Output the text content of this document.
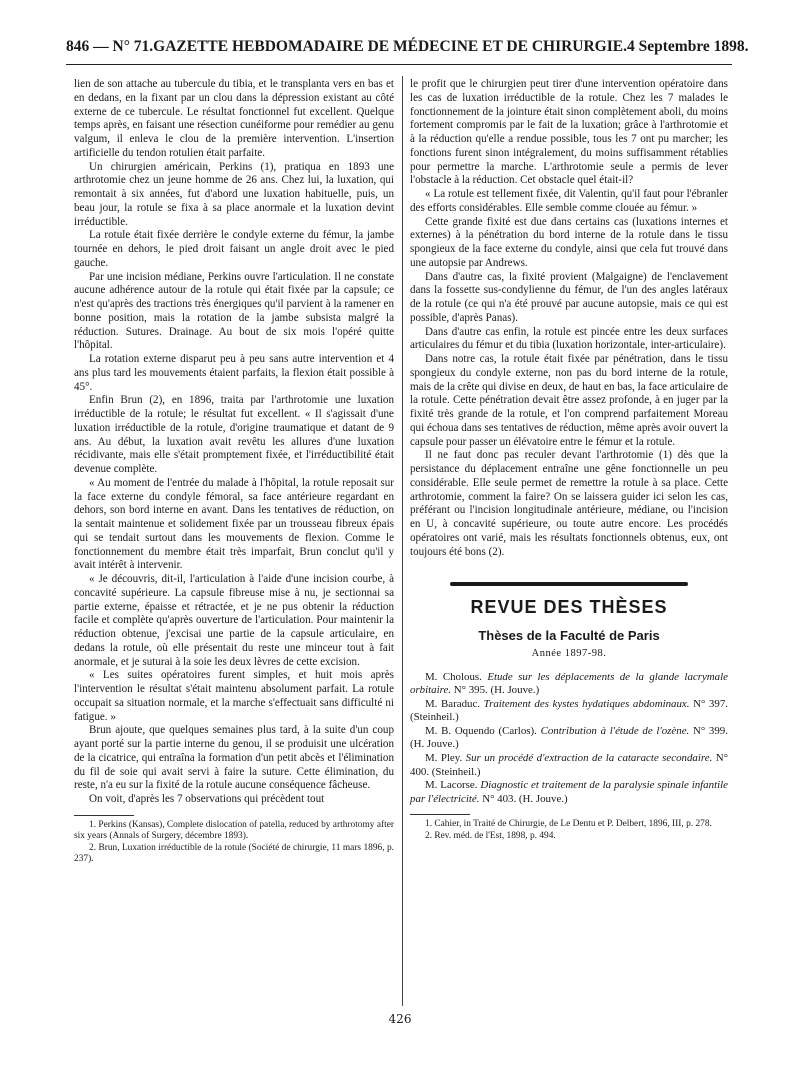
846 — N° 71. GAZETTE HEBDOMADAIRE DE MÉDECINE ET DE CHIRURGIE. 4 Septembre 1898.

lien de son attache au tubercule du tibia, et le transplanta vers en bas et en dedans, en la fixant par un clou dans la dépression existant au côté externe de ce tubercule. Le résultat fonctionnel fut excellent. Quelque temps après, en faisant une résection cunéiforme pour remédier au genu valgum, il enleva le clou de la première intervention. L'insertion artificielle du tendon rotulien était parfaite.

Un chirurgien américain, Perkins (1), pratiqua en 1893 une arthrotomie chez un jeune homme de 26 ans. Chez lui, la luxation, qui remontait à six années, fut d'abord une luxation habituelle, puis, un beau jour, la rotule se fixa à sa place anormale et la luxation devint irréductible.

La rotule était fixée derrière le condyle externe du fémur, la jambe tournée en dehors, le pied droit faisant un angle droit avec le pied gauche.

Par une incision médiane, Perkins ouvre l'articulation. Il ne constate aucune adhérence autour de la rotule qui était fixée par la capsule; ce n'est qu'après des tractions très énergiques qu'il parvient à la ramener en bonne position, mais la rotation de la jambe subsista malgré la réduction. Sutures. Drainage. Au bout de six mois l'opéré quitte l'hôpital.

La rotation externe disparut peu à peu sans autre intervention et 4 ans plus tard les mouvements étaient parfaits, la flexion était possible à 45°.

Enfin Brun (2), en 1896, traita par l'arthrotomie une luxation irréductible de la rotule; le résultat fut excellent. « Il s'agissait d'une luxation irréductible de la rotule, d'origine traumatique et datant de 9 ans. Au début, la luxation avait revêtu les allures d'une luxation récidivante, mais elle s'était promptement fixée, et l'irréductibilité était devenue complète.

« Au moment de l'entrée du malade à l'hôpital, la rotule reposait sur la face externe du condyle fémoral, sa face antérieure regardant en dehors, son bord interne en avant. Dans les tentatives de réduction, on la sentait maintenue et solidement fixée par un trousseau fibreux épais qui se tendait surtout dans les mouvements de flexion. Comme le fonctionnement du membre était très imparfait, Brun conclut qu'il y avait intérêt à intervenir.

« Je découvris, dit-il, l'articulation à l'aide d'une incision courbe, à concavité supérieure. La capsule fibreuse mise à nu, je sectionnai sa partie externe, épaisse et rétractée, et je ne pus obtenir la réduction facile et complète qu'après ouverture de l'articulation. Pour maintenir la réduction obtenue, j'excisai une partie de la capsule articulaire, en dedans la rotule, où elle présentait du reste une minceur tout à fait anormale, et je suturai à la soie les deux lèvres de cette excision.

« Les suites opératoires furent simples, et huit mois après l'intervention le résultat s'était maintenu absolument parfait. La rotule occupait sa situation normale, et la marche s'effectuait sans difficulté ni fatigue. »

Brun ajoute, que quelques semaines plus tard, à la suite d'un coup ayant porté sur la partie interne du genou, il se produisit une ulcération de la cicatrice, qui entraîna la formation d'un petit abcès et l'élimination du fil de soie qui avait servi à faire la suture. Cette élimination, du reste, n'a eu sur la fixité de la rotule aucune conséquence fâcheuse.

On voit, d'après les 7 observations qui précèdent tout

1. Perkins (Kansas), Complete dislocation of patella, reduced by arthrotomy after six years (Annals of Surgery, décembre 1893).

2. Brun, Luxation irréductible de la rotule (Société de chirurgie, 11 mars 1896, p. 237).

le profit que le chirurgien peut tirer d'une intervention opératoire dans les cas de luxation irréductible de la rotule. Chez les 7 malades le fonctionnement de la jointure était sinon complètement aboli, du moins fortement compromis par le fait de la luxation; grâce à l'arthrotomie et à la réduction qu'elle a rendue possible, tous les 7 ont pu marcher; les fonctions furent sinon intégralement, du moins suffisamment rétablies pour permettre la marche. L'arthrotomie seule a permis de lever l'obstacle à la réduction. Cet obstacle quel était-il?

« La rotule est tellement fixée, dit Valentin, qu'il faut pour l'ébranler des efforts considérables. Elle semble comme clouée au fémur. »

Cette grande fixité est due dans certains cas (luxations internes et externes) à la pénétration du bord interne de la rotule dans le tissu spongieux de la face externe du condyle, ainsi que cela fut trouvé dans une autopsie par Andrews.

Dans d'autre cas, la fixité provient (Malgaigne) de l'enclavement dans la fossette sus-condylienne du fémur, de l'un des angles latéraux de la rotule (ce qui n'a été prouvé par aucune autopsie, mais ce qui est possible, d'après Panas).

Dans d'autre cas enfin, la rotule est pincée entre les deux surfaces articulaires du fémur et du tibia (luxation horizontale, inter-articulaire).

Dans notre cas, la rotule était fixée par pénétration, dans le tissu spongieux du condyle externe, non pas du bord interne de la rotule, mais de la crête qui divise en deux, de haut en bas, la face articulaire de la rotule. Cette pénétration devait être assez profonde, à en juger par la fixité très grande de la rotule, et l'on comprend parfaitement Moreau qui échoua dans ses tentatives de réduction, même après avoir ouvert la capsule pour passer un élévatoire entre le fémur et la rotule.

Il ne faut donc pas reculer devant l'arthrotomie (1) dès que la persistance du déplacement entraîne une gêne fonctionnelle un peu considérable. Elle seule permet de remettre la rotule à sa place. Cette arthrotomie, comment la faire? On se laissera guider ici selon les cas, préférant ou l'incision longitudinale antérieure, médiane, ou l'incision en U, à concavité supérieure, ou toute autre encore. Les procédés opératoires ont varié, mais les résultats fonctionnels obtenus, eux, ont toujours été bons (2).

REVUE DES THÈSES
Thèses de la Faculté de Paris
Année 1897-98.

M. Cholous. Etude sur les déplacements de la glande lacrymale orbitaire. N° 395. (H. Jouve.)

M. Baraduc. Traitement des kystes hydatiques abdominaux. N° 397. (Steinheil.)

M. B. Oquendo (Carlos). Contribution à l'étude de l'ozène. N° 399. (H. Jouve.)

M. Pley. Sur un procédé d'extraction de la cataracte secondaire. N° 400. (Steinheil.)

M. Lacorse. Diagnostic et traitement de la paralysie spinale infantile par l'électricité. N° 403. (H. Jouve.)

1. Cahier, in Traité de Chirurgie, de Le Dentu et P. Delbert, 1896, III, p. 278.

2. Rev. méd. de l'Est, 1898, p. 494.

426
